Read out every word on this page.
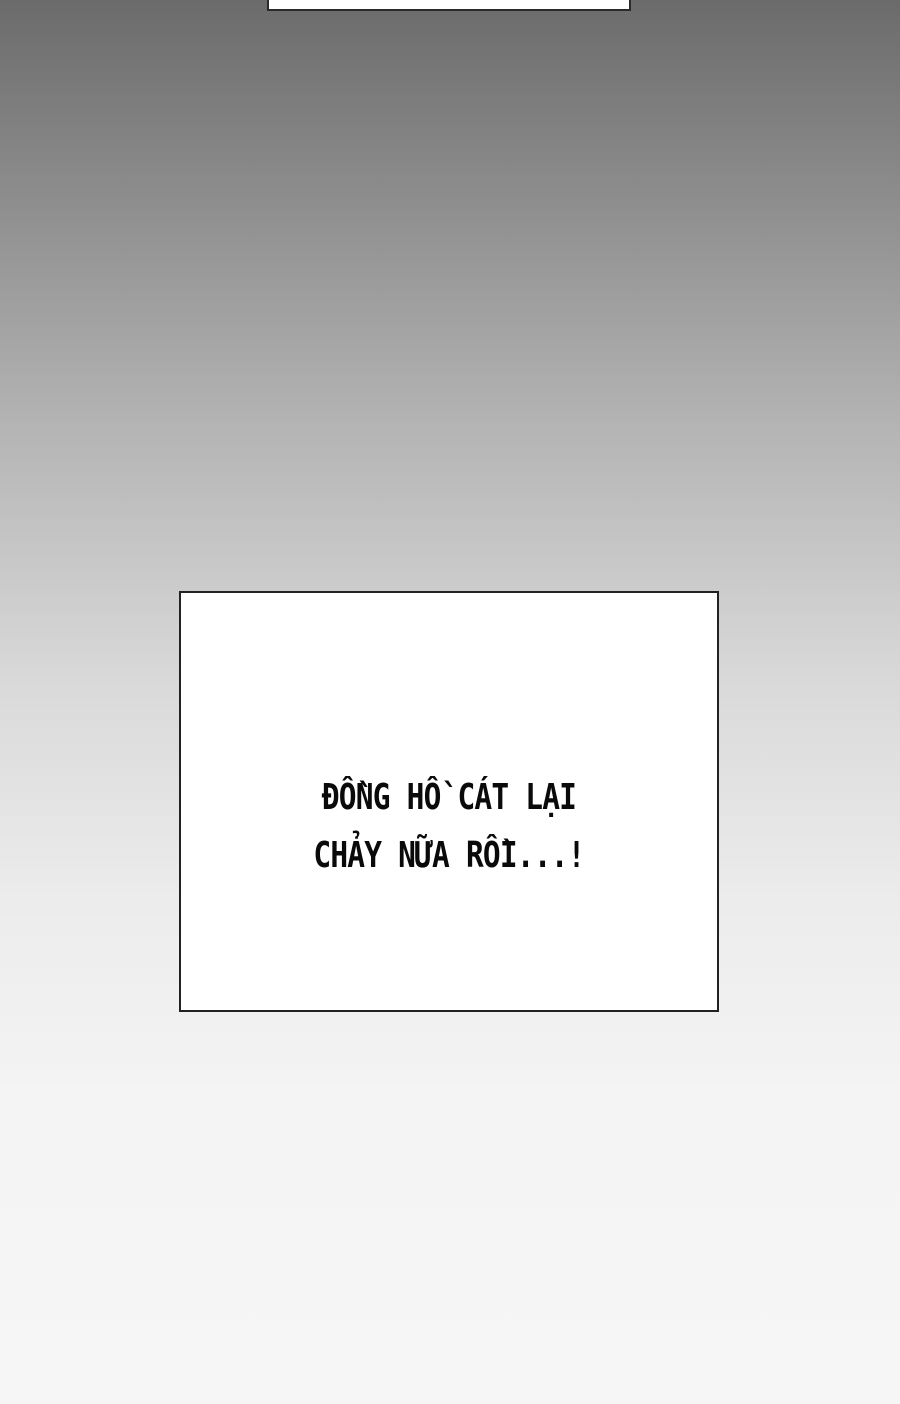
ĐỒNG HỒ CÁT LẠI
CHẢY NỮA RỒI...!
